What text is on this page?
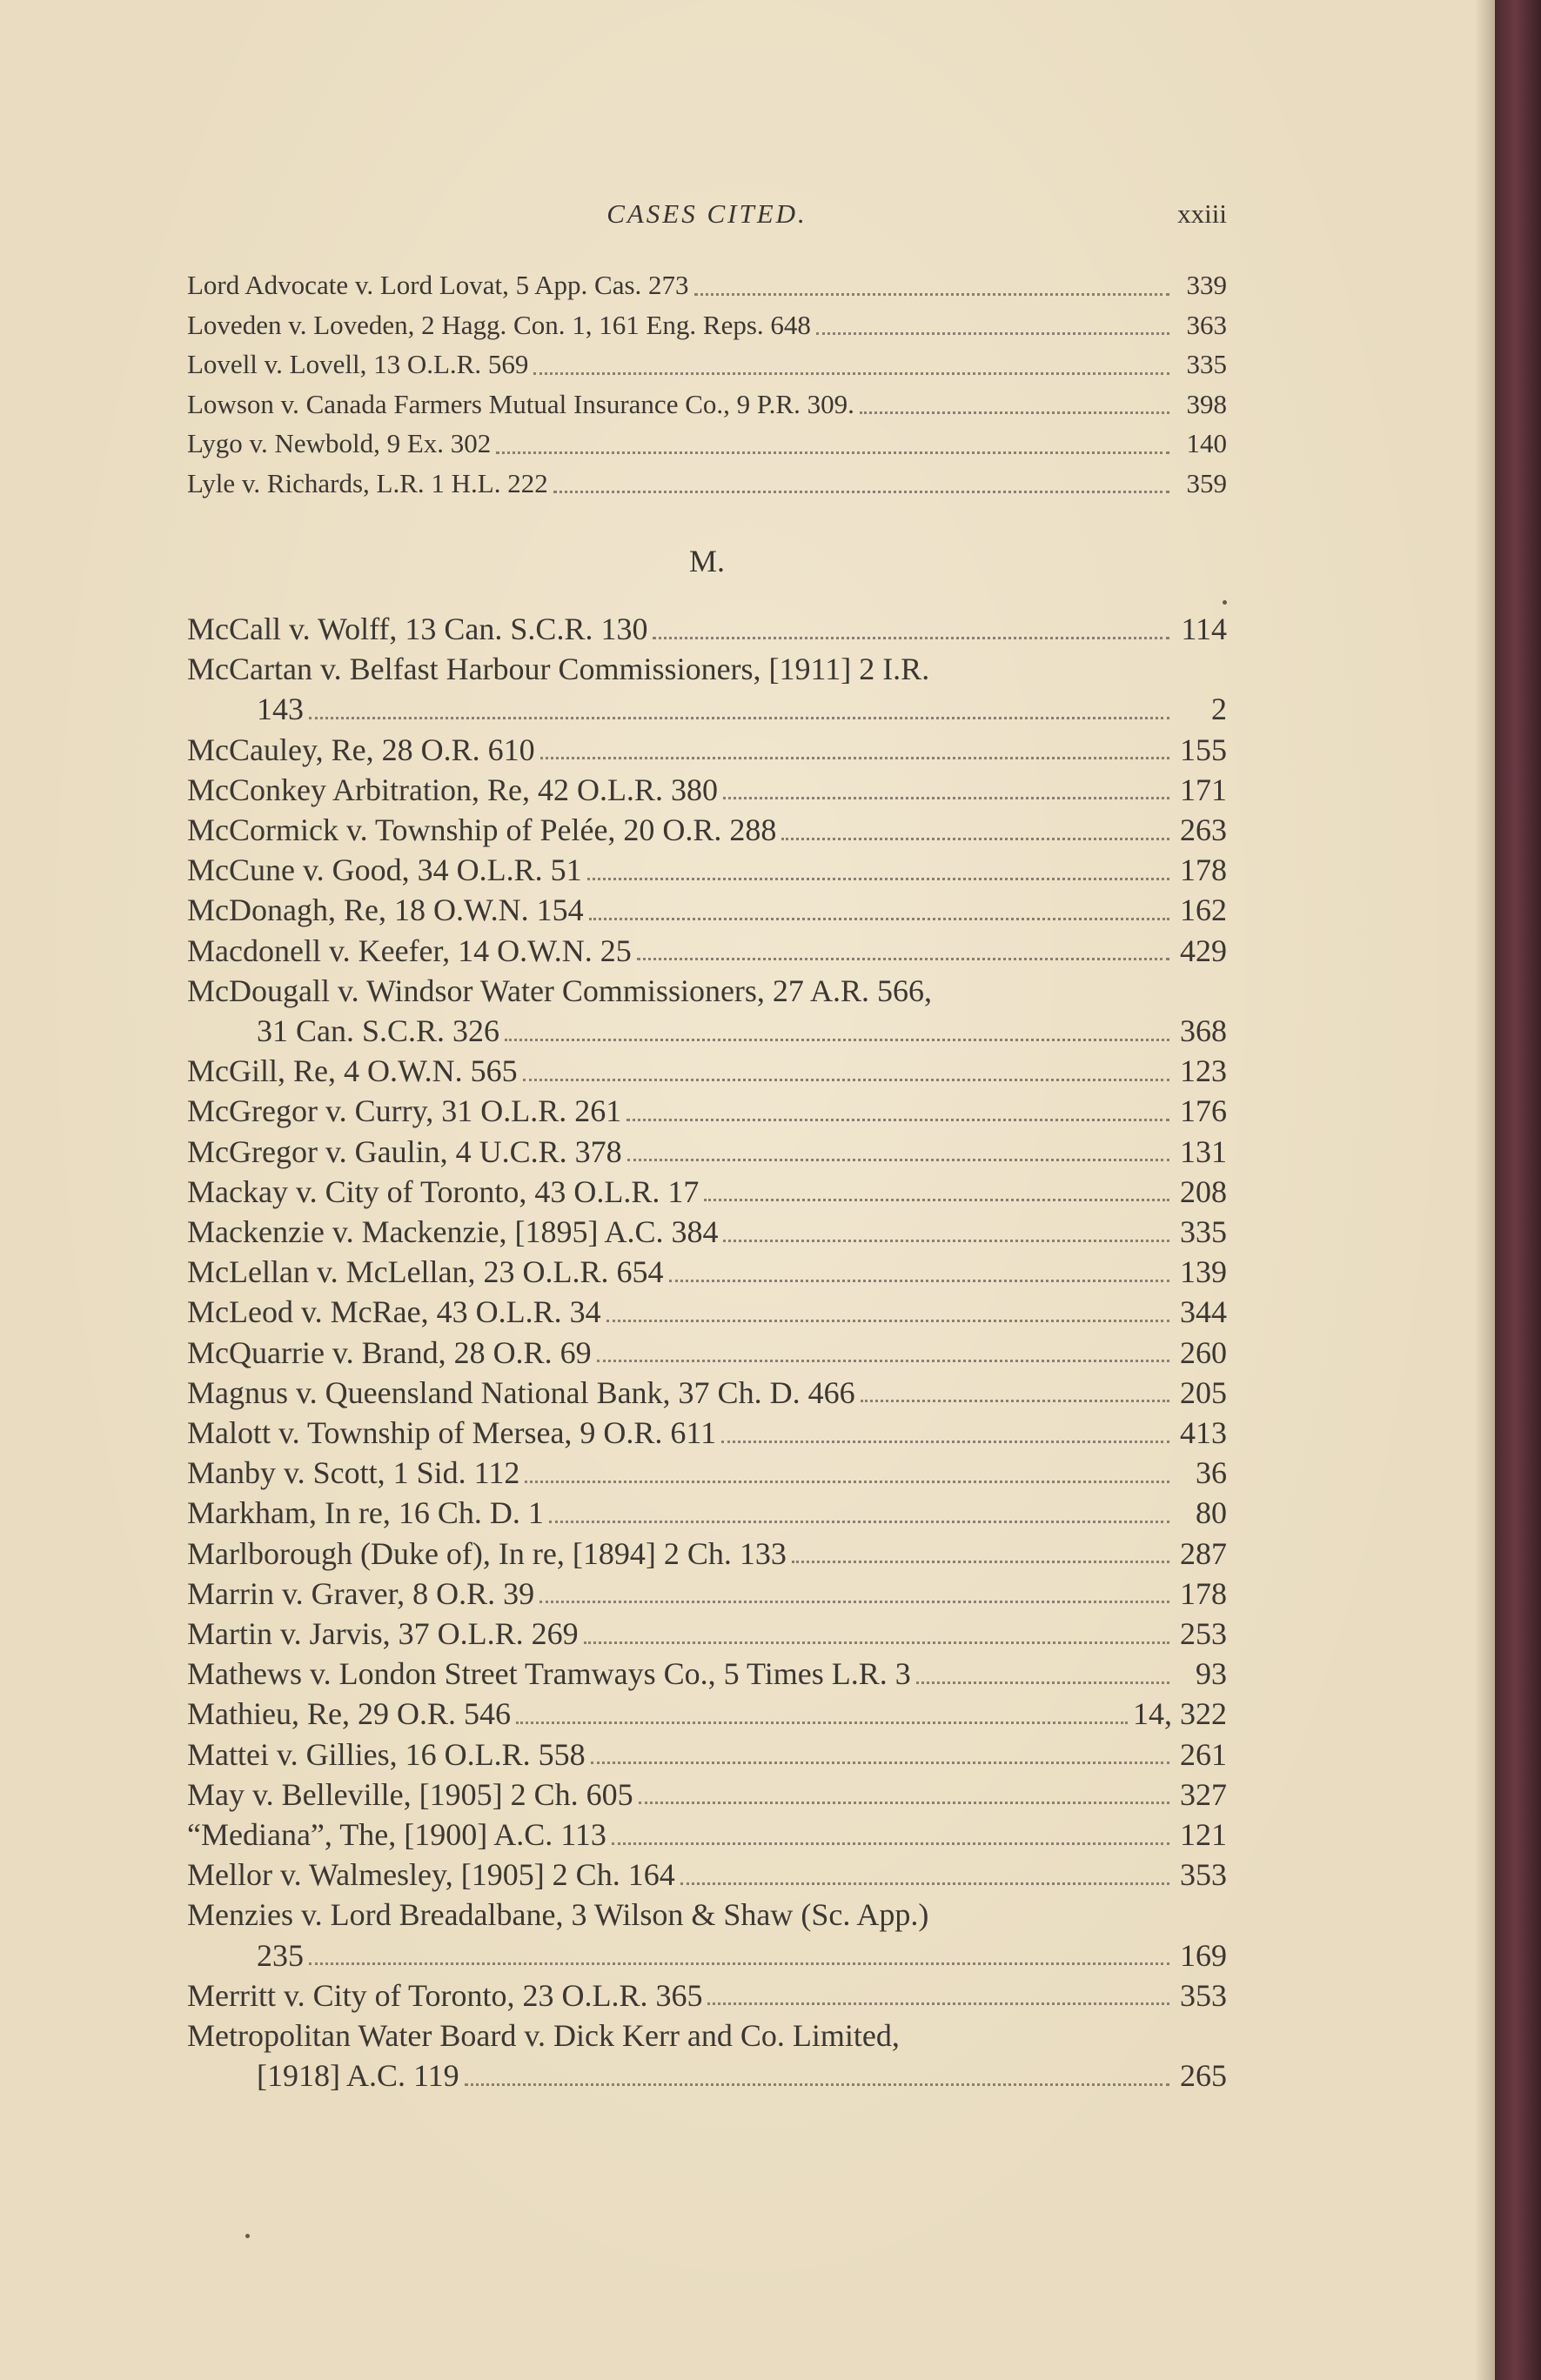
CASES CITED.	xxiii
Lord Advocate v. Lord Lovat, 5 App. Cas. 273	339
Loveden v. Loveden, 2 Hagg. Con. 1, 161 Eng. Reps. 648	363
Lovell v. Lovell, 13 O.L.R. 569	335
Lowson v. Canada Farmers Mutual Insurance Co., 9 P.R. 309.	398
Lygo v. Newbold, 9 Ex. 302	140
Lyle v. Richards, L.R. 1 H.L. 222	359
M.
McCall v. Wolff, 13 Can. S.C.R. 130	114
McCartan v. Belfast Harbour Commissioners, [1911] 2 I.R.
143	2
McCauley, Re, 28 O.R. 610	155
McConkey Arbitration, Re, 42 O.L.R. 380	171
McCormick v. Township of Pelée, 20 O.R. 288	263
McCune v. Good, 34 O.L.R. 51	178
McDonagh, Re, 18 O.W.N. 154	162
Macdonell v. Keefer, 14 O.W.N. 25	429
McDougall v. Windsor Water Commissioners, 27 A.R. 566,
31 Can. S.C.R. 326	368
McGill, Re, 4 O.W.N. 565	123
McGregor v. Curry, 31 O.L.R. 261	176
McGregor v. Gaulin, 4 U.C.R. 378	131
Mackay v. City of Toronto, 43 O.L.R. 17	208
Mackenzie v. Mackenzie, [1895] A.C. 384	335
McLellan v. McLellan, 23 O.L.R. 654	139
McLeod v. McRae, 43 O.L.R. 34	344
McQuarrie v. Brand, 28 O.R. 69	260
Magnus v. Queensland National Bank, 37 Ch. D. 466	205
Malott v. Township of Mersea, 9 O.R. 611	413
Manby v. Scott, 1 Sid. 112	36
Markham, In re, 16 Ch. D. 1	80
Marlborough (Duke of), In re, [1894] 2 Ch. 133	287
Marrin v. Graver, 8 O.R. 39	178
Martin v. Jarvis, 37 O.L.R. 269	253
Mathews v. London Street Tramways Co., 5 Times L.R. 3	93
Mathieu, Re, 29 O.R. 546	14, 322
Mattei v. Gillies, 16 O.L.R. 558	261
May v. Belleville, [1905] 2 Ch. 605	327
“Mediana”, The, [1900] A.C. 113	121
Mellor v. Walmesley, [1905] 2 Ch. 164	353
Menzies v. Lord Breadalbane, 3 Wilson & Shaw (Sc. App.)
235	169
Merritt v. City of Toronto, 23 O.L.R. 365	353
Metropolitan Water Board v. Dick Kerr and Co. Limited,
[1918] A.C. 119	265
